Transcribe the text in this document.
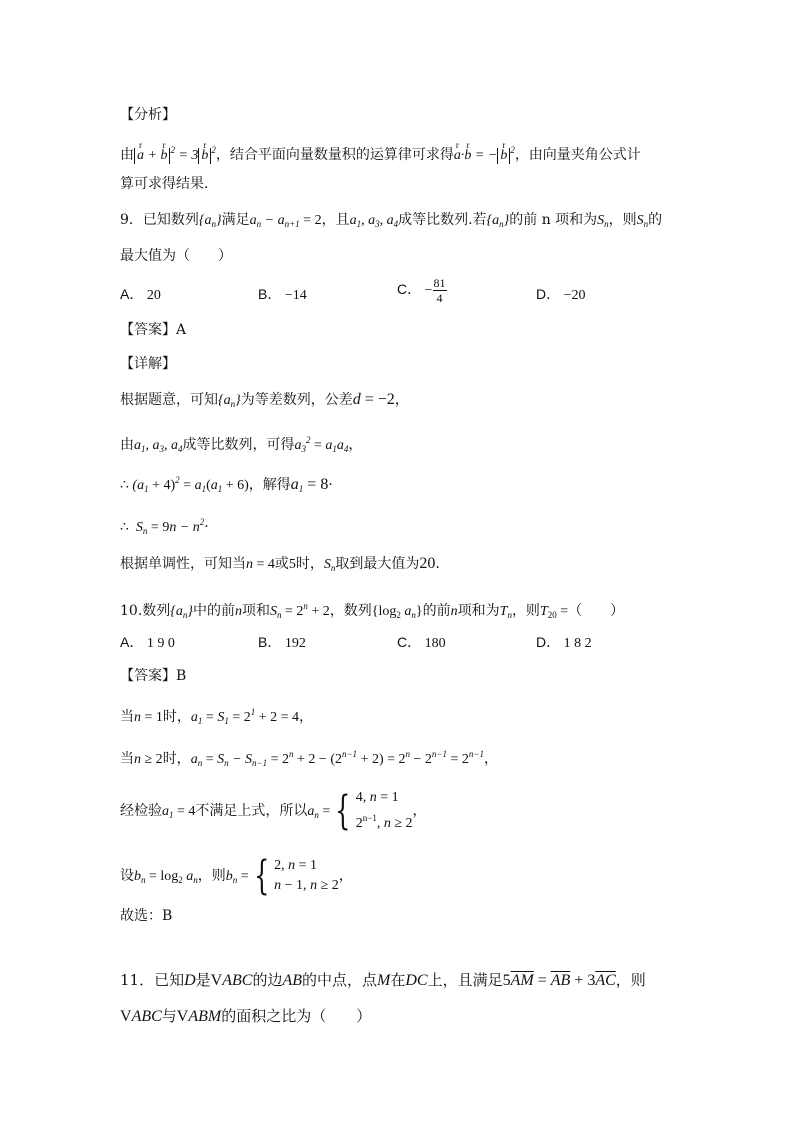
【分析】
由 a
r
+ b
r $^2$ = 3 b
r $^2$，结合平面向量数量积的运算律可求得a
r
·b
r
= − b
r $^2$，由向量夹角公式计
算可求得结果.
9．已知数列$\{a_n\}$满足$a_n - a_{n+1} = 2$，且$a_1$, $a_3$, $a_4$成等比数列.若$\{a_n\}$的前 n 项和为$S_n$，则$S_n$的
最大值为（　　）
A． 20	B． −14	C． − $\frac{81}{4}$	D． −20
【答案】A
【详解】
根据题意，可知$\{a_n\}$为等差数列，公差d = −2，
由$a_1$, $a_3$, $a_4$成等比数列，可得$a_3^2 = a_1a_4$，
∴ $(a_1 + 4)^2 = a_1(a_1 + 6)$，解得$a_1 = 8\cdot$
∴  $S_n = 9n - n^2\cdot$
根据单调性，可知当n = 4或5时，$S_n$取到最大值为20.
10.数列$\{a_n\}$中的前n项和$S_n = 2^n + 2$，数列{$\log_2$ $a_n$}的前n项和为$T_n$，则$T_{20}$ =（　　）
A． 1 9 0	B． 192	C． 180	D． 1 8 2
【答案】B
当n = 1时，$a_1 = S_1 = 2^1 + 2 = 4$，
当n ≥ 2时，$a_n = S_n - S_{n-1} = 2^n + 2 - (2^{n-1} + 2) = 2^n - 2^{n-1} = 2^{n-1}$，
经检验$a_1 = 4$不满足上式，所以$a_n$ = { 4, n = 1
$2^{n-1}$, n ≥ 2
，
设$b_n = \log_2 a_n$，则$b_n$ = { 2, n = 1
n − 1, n ≥ 2
，
故选：B
11．已知D是VABC的边AB的中点，点M在DC上，且满足$5\overline{AM} = \overline{AB} + 3\overline{AC}$，则
VABC与VABM的面积之比为（　　）
